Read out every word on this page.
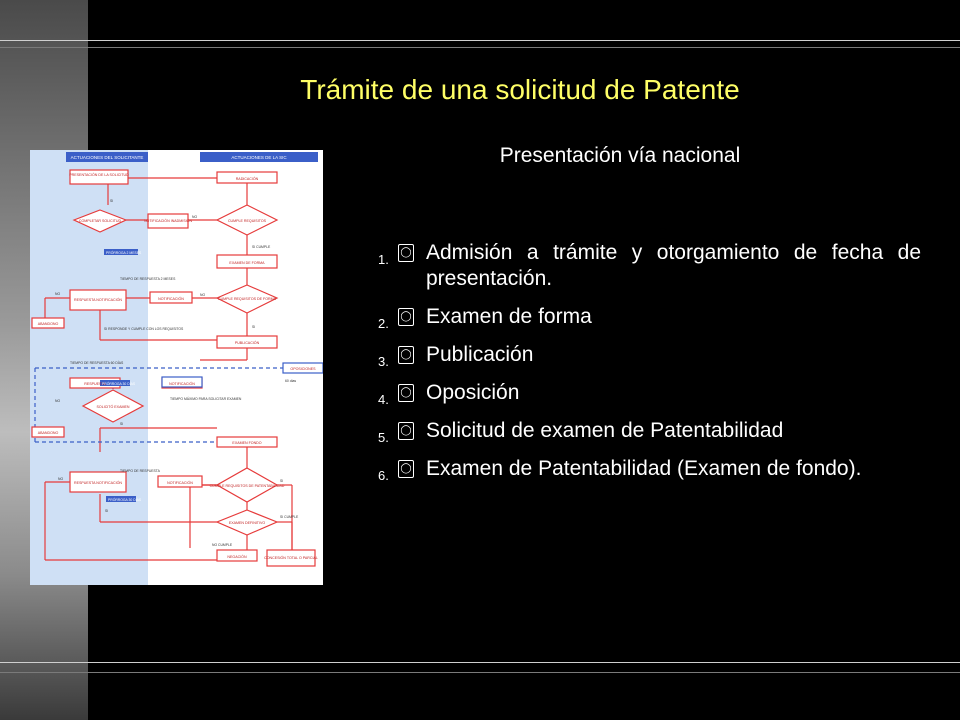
Trámite de una solicitud de Patente
Presentación vía nacional
ACTUACIONES DEL SOLICITANTE	ACTUACIONES DE LA SIC
PRESENTACIÓN DE LA SOLICITUD
RADICACIÓN
COMPLETAR SOLICITUD	NOTIFICACIÓN INADMISIÓN	CUMPLE REQUISITOS
EXAMEN DE FORMA
RESPUESTA NOTIFICACIÓN	NOTIFICACIÓN	CUMPLE REQUISITOS DE FORMA
ABANDONO
PUBLICACIÓN
RESPUESTA	NOTIFICACIÓN
OPOSICIONES
SOLICITÓ EXAMEN
ABANDONO
EXAMEN FONDO
RESPUESTA NOTIFICACIÓN	NOTIFICACIÓN
CUMPLE REQUISITOS DE PATENTABILIDAD
EXAMEN DEFINITIVO
NEGACIÓN	CONCESIÓN TOTAL O PARCIAL
SI
NO
SI CUMPLE
TIEMPO DE RESPUESTA 2 MESES
PRÓRROGA 2 MESES
NO
NO
SI RESPONDE Y CUMPLE CON LOS REQUISITOS	SI
TIEMPO DE RESPUESTA 60 DÍAS
60 días
TIEMPO MÁXIMO PARA SOLICITAR EXAMEN
NO
SI
TIEMPO DE RESPUESTA
PRÓRROGA 30 DÍAS
NO	SI
SI
SI CUMPLE
NO CUMPLE
PRÓRROGA 30 DÍAS
1. ◯ Admisión a trámite y otorgamiento de fecha de presentación.
2. ◯ Examen de forma
3. ◯ Publicación
4. ◯ Oposición
5. ◯ Solicitud de examen de Patentabilidad
6. ◯ Examen de Patentabilidad (Examen de fondo).
